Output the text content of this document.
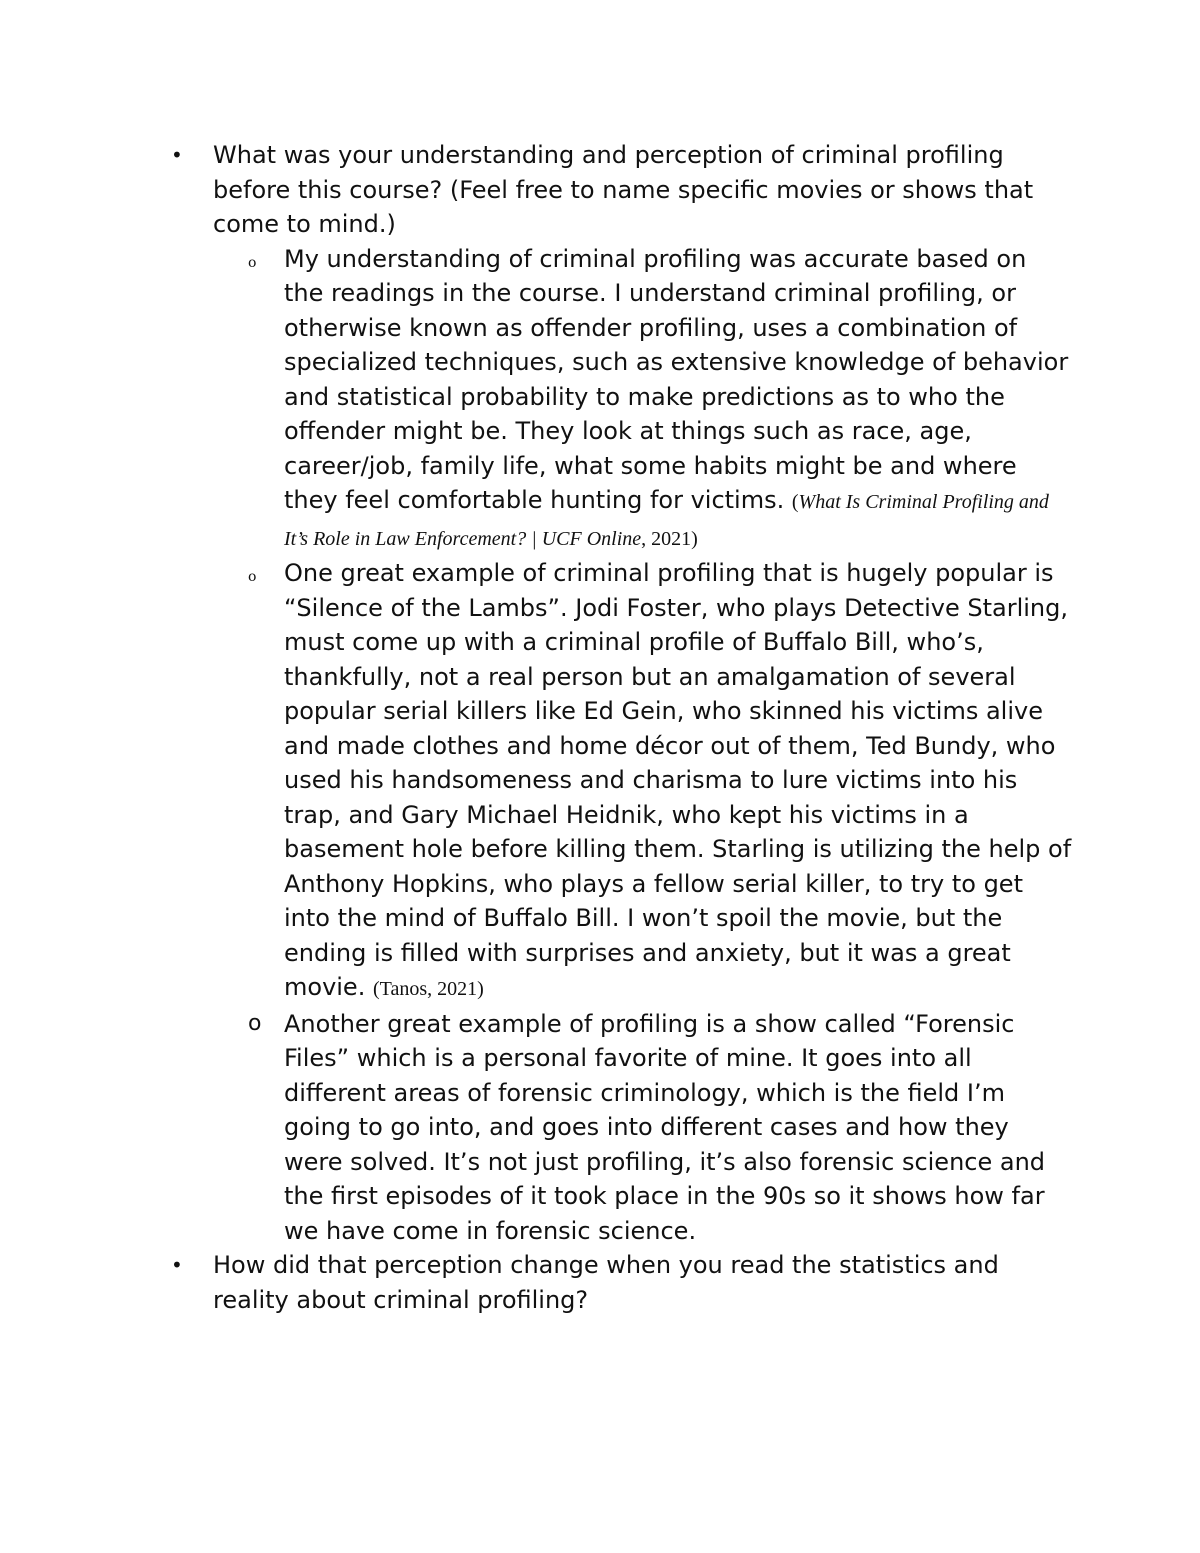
• What was your understanding and perception of criminal profiling before this course? (Feel free to name specific movies or shows that come to mind.)
o My understanding of criminal profiling was accurate based on the readings in the course. I understand criminal profiling, or otherwise known as offender profiling, uses a combination of specialized techniques, such as extensive knowledge of behavior and statistical probability to make predictions as to who the offender might be. They look at things such as race, age, career/job, family life, what some habits might be and where they feel comfortable hunting for victims. (What Is Criminal Profiling and It’s Role in Law Enforcement? | UCF Online, 2021)
o One great example of criminal profiling that is hugely popular is “Silence of the Lambs”. Jodi Foster, who plays Detective Starling, must come up with a criminal profile of Buffalo Bill, who’s, thankfully, not a real person but an amalgamation of several popular serial killers like Ed Gein, who skinned his victims alive and made clothes and home décor out of them, Ted Bundy, who used his handsomeness and charisma to lure victims into his trap, and Gary Michael Heidnik, who kept his victims in a basement hole before killing them. Starling is utilizing the help of Anthony Hopkins, who plays a fellow serial killer, to try to get into the mind of Buffalo Bill. I won’t spoil the movie, but the ending is filled with surprises and anxiety, but it was a great movie. (Tanos, 2021)
o Another great example of profiling is a show called “Forensic Files” which is a personal favorite of mine. It goes into all different areas of forensic criminology, which is the field I’m going to go into, and goes into different cases and how they were solved. It’s not just profiling, it’s also forensic science and the first episodes of it took place in the 90s so it shows how far we have come in forensic science.
• How did that perception change when you read the statistics and reality about criminal profiling?
